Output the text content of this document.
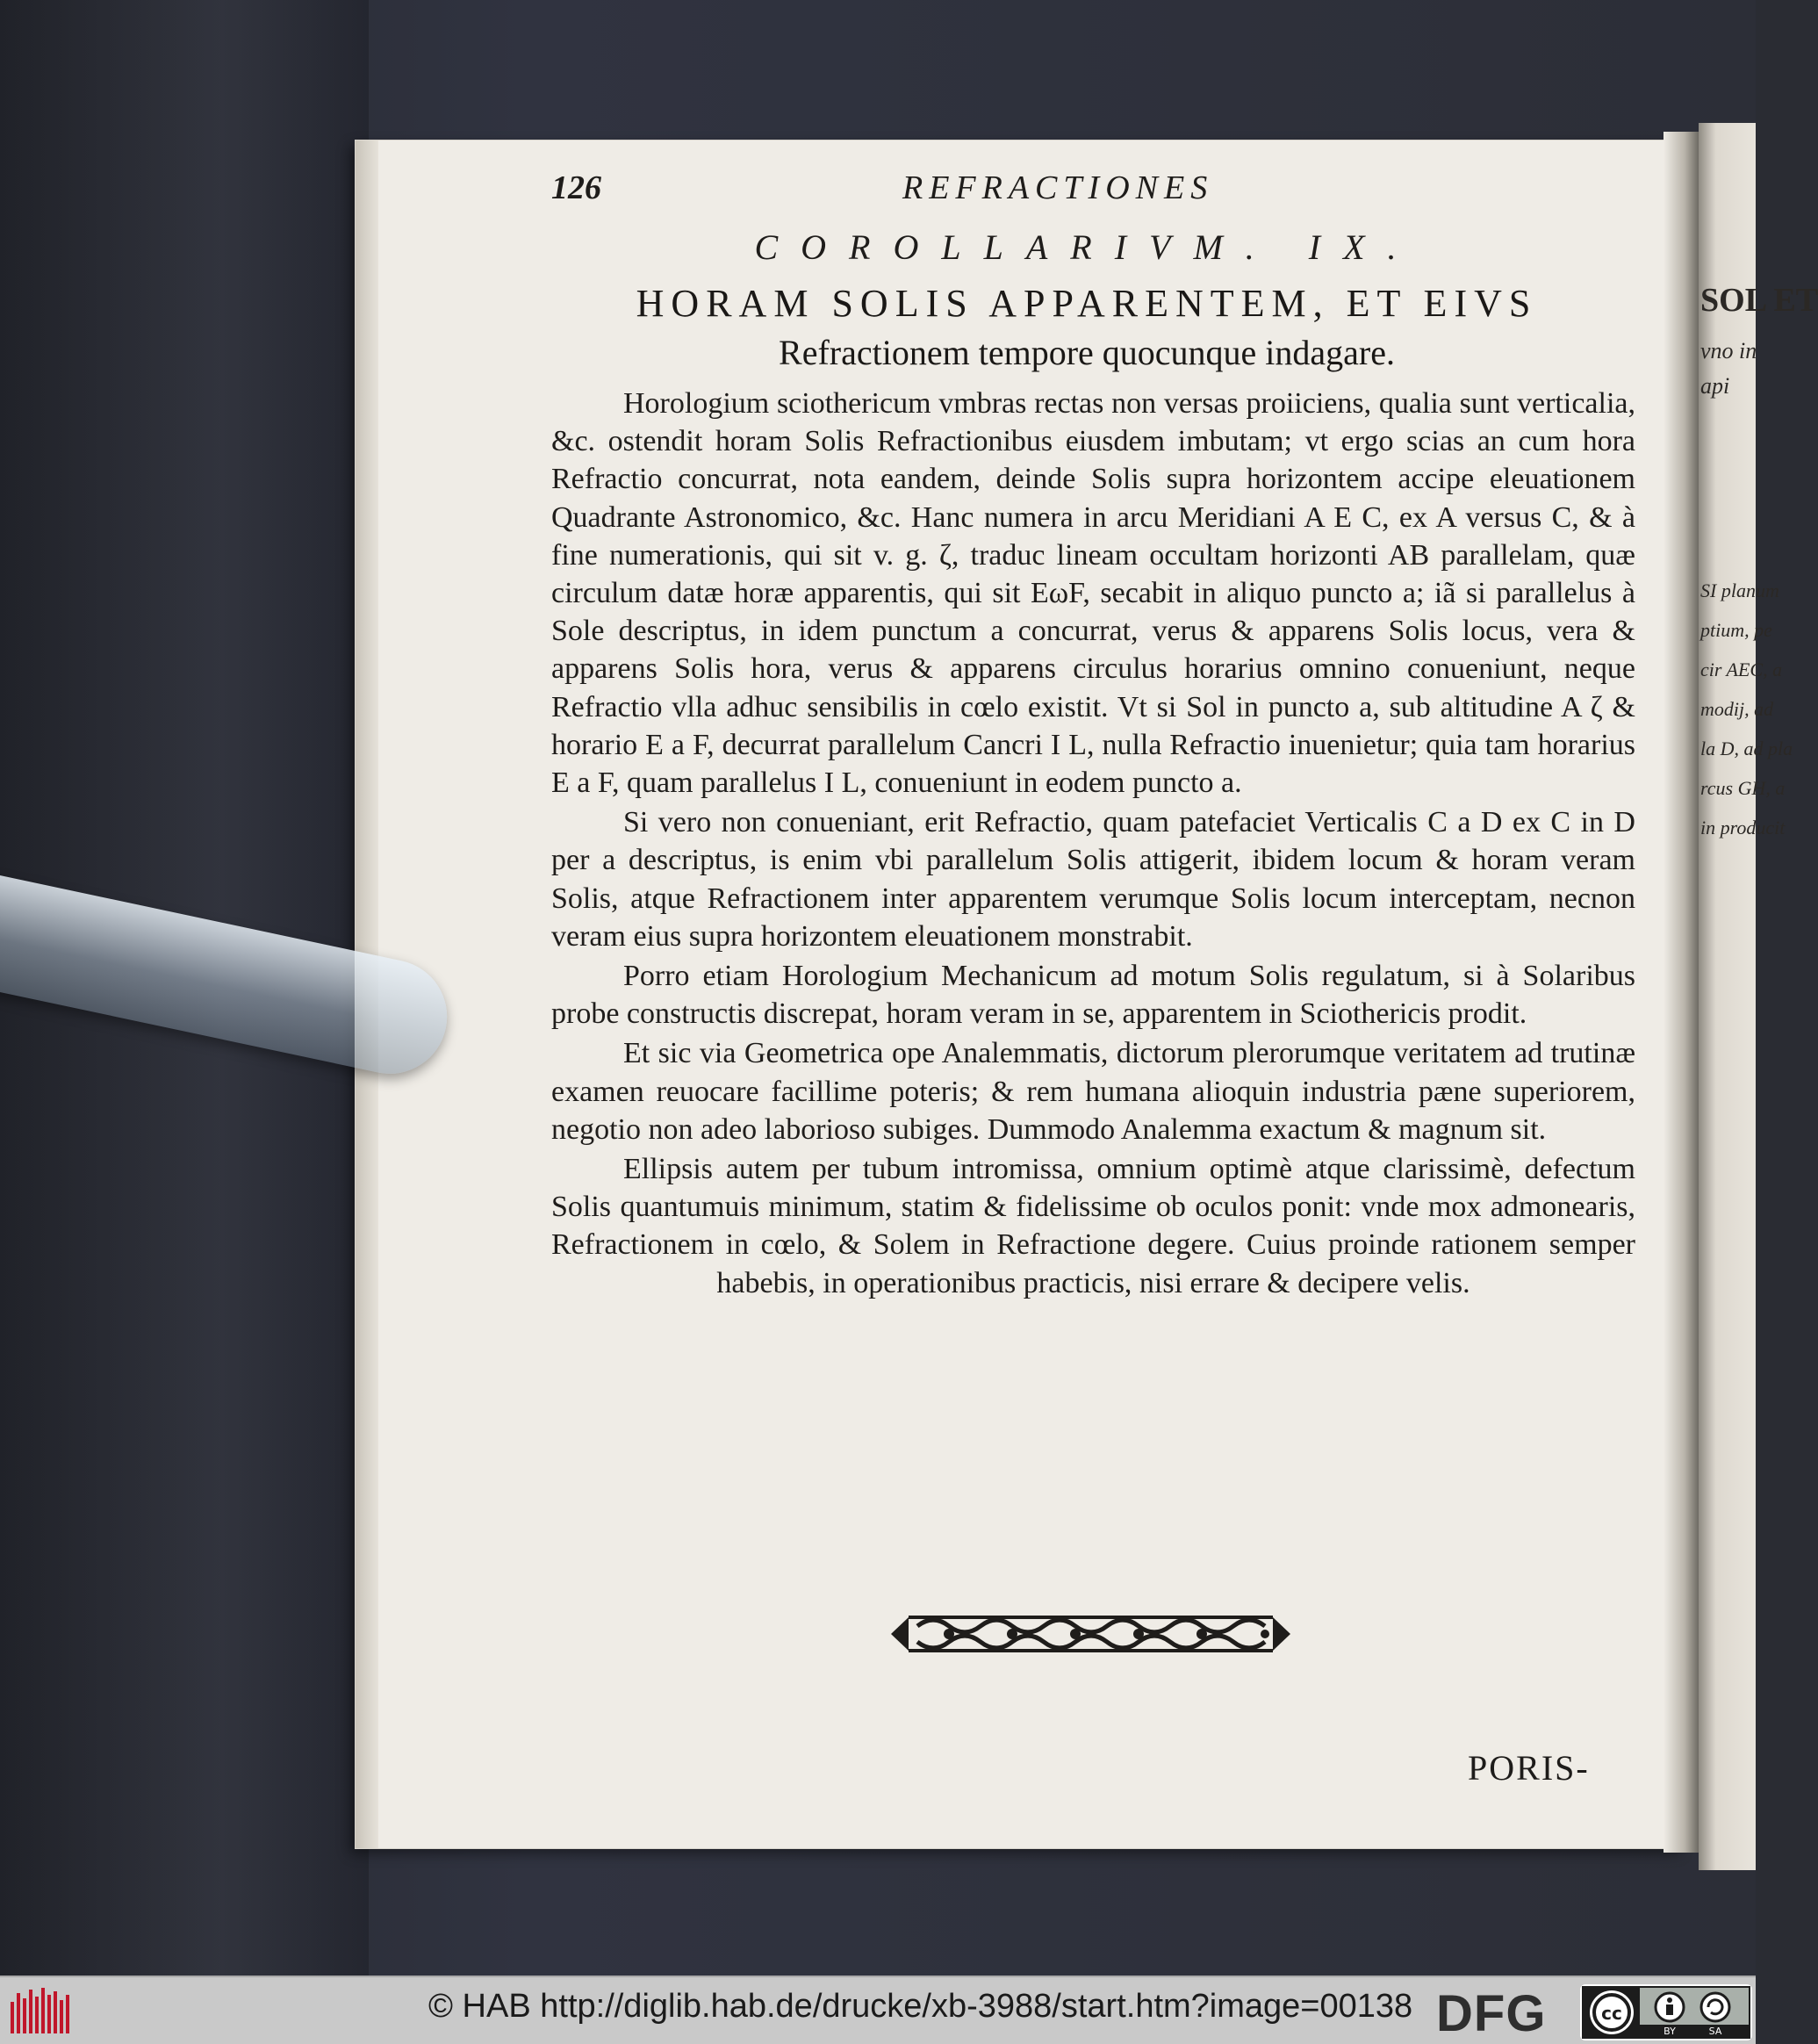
SOL ET
vno in
api
SI planum
ptium, pe
cir AEC, a
modij, ad
la D, ad pla
rcus GH, a
in producit
126	REFRACTIONES
COROLLARIVM. IX.
HORAM SOLIS APPARENTEM, ET EIVS
Refractionem tempore quocunque indagare.

Horologium sciothericum vmbras rectas non versas proiiciens, qualia sunt verticalia, &c. ostendit horam Solis Refractionibus eiusdem imbutam; vt ergo scias an cum hora Refractio concurrat, nota eandem, deinde Solis supra horizontem accipe eleuationem Quadrante Astronomico, &c. Hanc numera in arcu Meridiani A E C, ex A versus C, & à fine numerationis, qui sit v. g. ζ, traduc lineam occultam horizonti AB parallelam, quæ circulum datæ horæ apparentis, qui sit EωF, secabit in aliquo puncto a; iã si parallelus à Sole descriptus, in idem punctum a concurrat, verus & apparens Solis locus, vera & apparens Solis hora, verus & apparens circulus horarius omnino conueniunt, neque Refractio vlla adhuc sensibilis in cœlo existit. Vt si Sol in puncto a, sub altitudine A ζ & horario E a F, decurrat parallelum Cancri I L, nulla Refractio inuenietur; quia tam horarius E a F, quam parallelus I L, conueniunt in eodem puncto a.

Si vero non conueniant, erit Refractio, quam patefaciet Verticalis C a D ex C in D per a descriptus, is enim vbi parallelum Solis attigerit, ibidem locum & horam veram Solis, atque Refractionem inter apparentem verumque Solis locum interceptam, necnon veram eius supra horizontem eleuationem monstrabit.

Porro etiam Horologium Mechanicum ad motum Solis regulatum, si à Solaribus probe constructis discrepat, horam veram in se, apparentem in Sciothericis prodit.

Et sic via Geometrica ope Analemmatis, dictorum plerorumque veritatem ad trutinæ examen reuocare facillime poteris; & rem humana alioquin industria pæne superiorem, negotio non adeo laborioso subiges. Dummodo Analemma exactum & magnum sit.

Ellipsis autem per tubum intromissa, omnium optimè atque clarissimè, defectum Solis quantumuis minimum, statim & fidelissime ob oculos ponit: vnde mox admonearis, Refractionem in cœlo, & Solem in Refractione degere. Cuius proinde rationem semper habebis, in operationibus practicis, nisi errare & decipere velis.

PORIS-
© HAB http://diglib.hab.de/drucke/xb-3988/start.htm?image=00138 DFG	cc
BY	SA
